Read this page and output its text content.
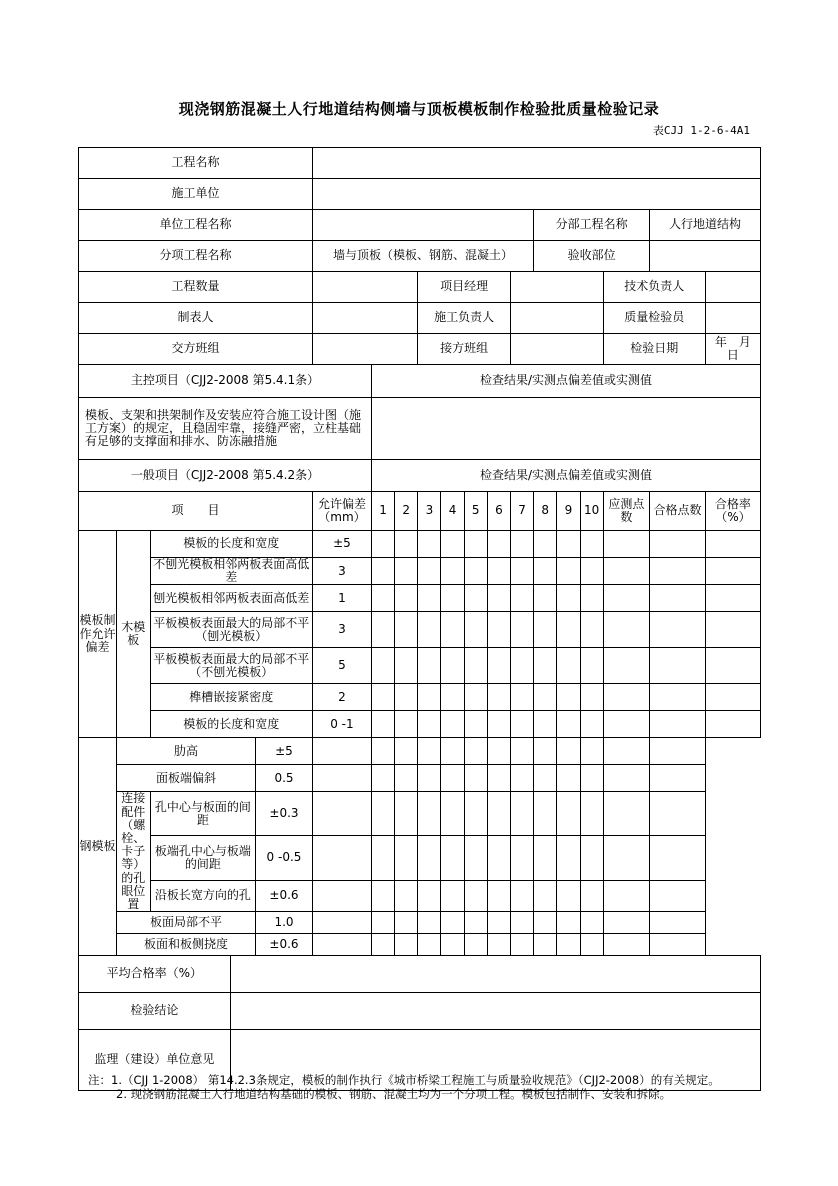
现浇钢筋混凝土人行地道结构侧墙与顶板模板制作检验批质量检验记录
表CJJ 1-2-6-4A1
工程名称																		
施工单位																		
单位工程名称													分部工程名称				人行地道结构	
分项工程名称					墙与顶板（模板、钢筋、混凝土）								验收部位					
工程数量								项目经理								技术负责人		
制表人								施工负责人								质量检验员		
交方班组								接方班组								检验日期		年　月　日
主控项目（CJJ2-2008 第5.4.1条）						检查结果/实测点偏差值或实测值												
模板、支架和拱架制作及安装应符合施工设计图（施工方案）的规定，且稳固牢靠，接缝严密，立柱基础有足够的支撑面和排水、防冻融措施																		
一般项目（CJJ2-2008 第5.4.2条）						检查结果/实测点偏差值或实测值												
项　　目					允许偏差（mm）	1	2	3	4	5	6	7	8	9	10	应测点数	合格点数	合格率（%）
模板制作允许偏差	木模板	模板的长度和宽度			±5													
		不刨光模板相邻两板表面高低差			3													
		刨光模板相邻两板表面高低差			1													
		平板模板表面最大的局部不平（刨光模板）			3													
		平板模板表面最大的局部不平（不刨光模板）			5													
		榫槽嵌接紧密度			2													
		模板的长度和宽度			0 -1													
钢模板	肋高			±5														
	面板端偏斜			0.5														
	连接配件（螺栓、卡子等）的孔眼位置	孔中心与板面的间距		±0.3														
		板端孔中心与板端的间距		0 -0.5														
		沿板长宽方向的孔		±0.6														
	板面局部不平			1.0														
	板面和板侧挠度			±0.6														
平均合格率（%）																		
检验结论																		
监理（建设）单位意见																		

注：1.（CJJ 1-2008） 第14.2.3条规定，模板的制作执行《城市桥梁工程施工与质量验收规范》（CJJ2-2008）的有关规定。

2. 现浇钢筋混凝土人行地道结构基础的模板、钢筋、混凝土均为一个分项工程。模板包括制作、安装和拆除。
